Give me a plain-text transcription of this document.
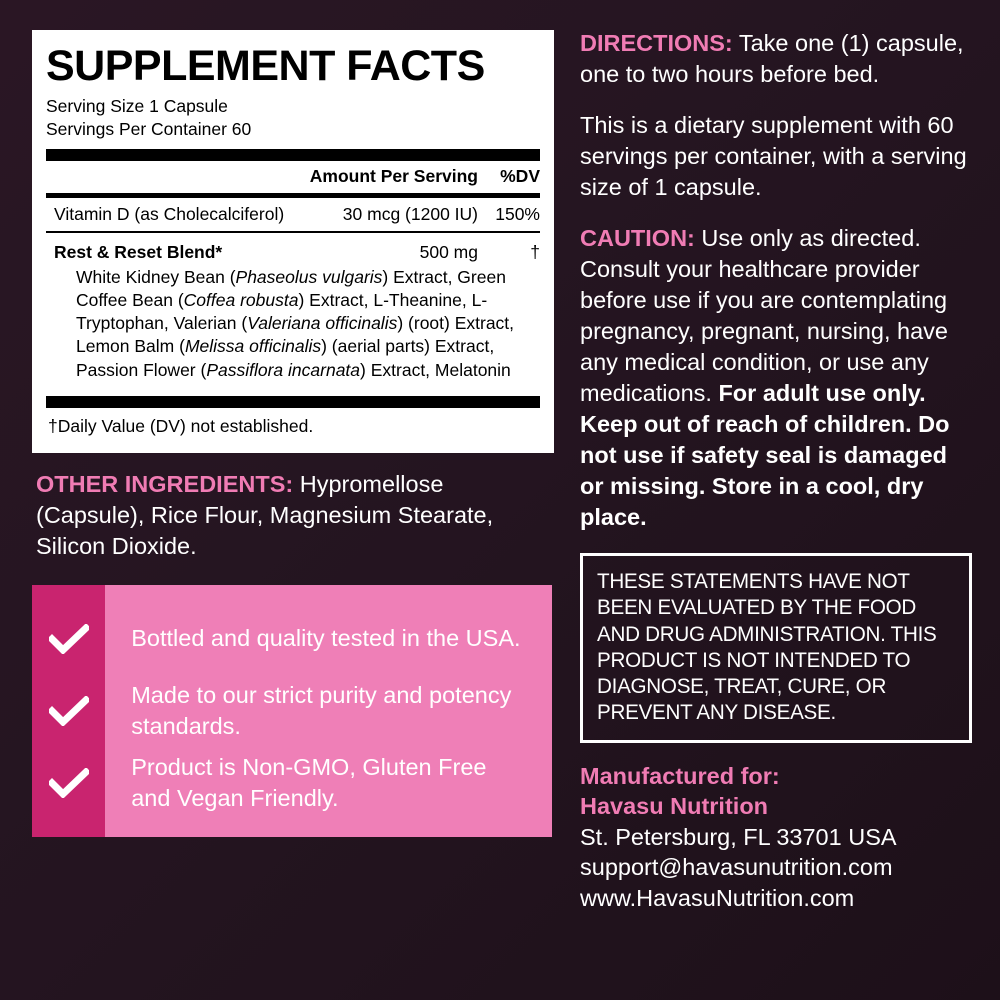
SUPPLEMENT FACTS
Serving Size 1 Capsule
Servings Per Container 60
Amount Per Serving	%DV
Vitamin D (as Cholecalciferol)	30 mcg (1200 IU) 150%
Rest & Reset Blend*	500 mg	†
White Kidney Bean (Phaseolus vulgaris) Extract, Green Coffee Bean (Coffea robusta) Extract, L-Theanine, L-Tryptophan, Valerian (Valeriana officinalis) (root) Extract, Lemon Balm (Melissa officinalis) (aerial parts) Extract, Passion Flower (Passiflora incarnata) Extract, Melatonin
†Daily Value (DV) not established.
OTHER INGREDIENTS: Hypromellose (Capsule), Rice Flour, Magnesium Stearate, Silicon Dioxide.
Bottled and quality tested in the USA.
Made to our strict purity and potency standards.
Product is Non-GMO, Gluten Free and Vegan Friendly.
DIRECTIONS: Take one (1) capsule, one to two hours before bed.
This is a dietary supplement with 60 servings per container, with a serving size of 1 capsule.
CAUTION: Use only as directed. Consult your healthcare provider before use if you are contemplating pregnancy, pregnant, nursing, have any medical condition, or use any medications. For adult use only. Keep out of reach of children. Do not use if safety seal is damaged or missing. Store in a cool, dry place.
THESE STATEMENTS HAVE NOT BEEN EVALUATED BY THE FOOD AND DRUG ADMINISTRATION. THIS PRODUCT IS NOT INTENDED TO DIAGNOSE, TREAT, CURE, OR PREVENT ANY DISEASE.
Manufactured for:
Havasu Nutrition
St. Petersburg, FL 33701 USA
support@havasunutrition.com
www.HavasuNutrition.com
